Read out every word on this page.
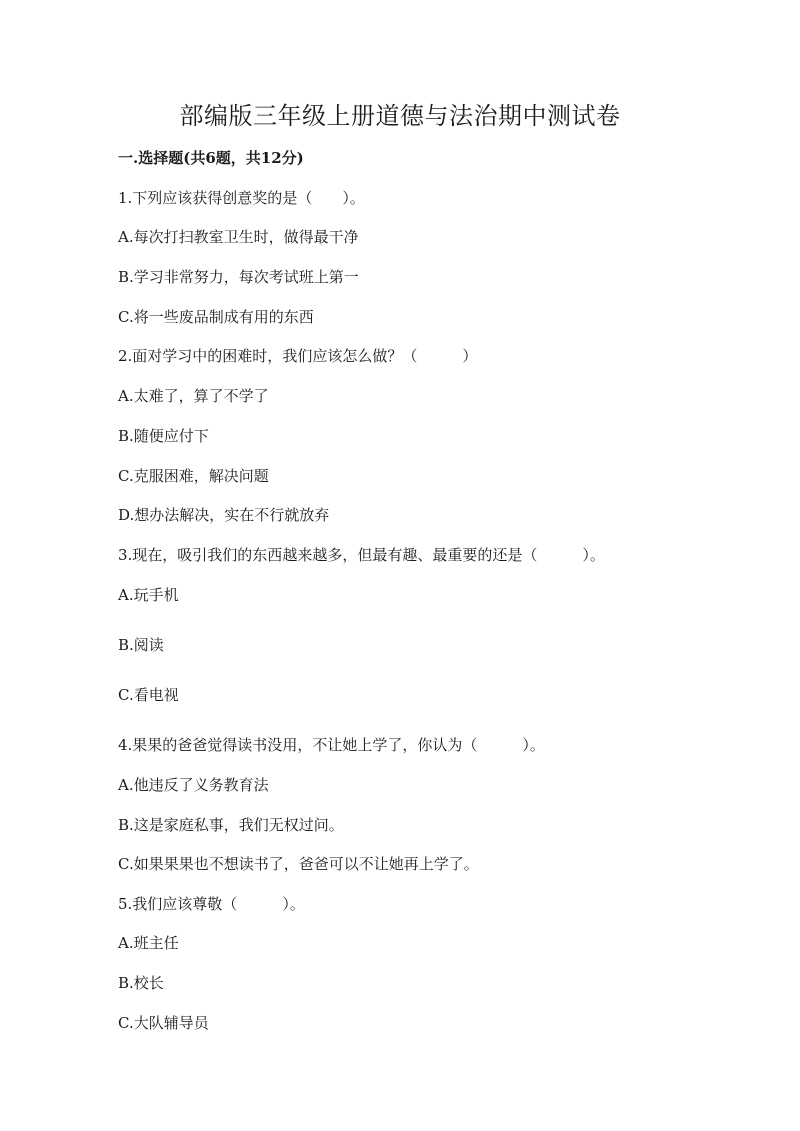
部编版三年级上册道德与法治期中测试卷

一.选择题(共6题，共12分)

1.下列应该获得创意奖的是（　　）。

A.每次打扫教室卫生时，做得最干净

B.学习非常努力，每次考试班上第一

C.将一些废品制成有用的东西

2.面对学习中的困难时，我们应该怎么做？（　　　）

A.太难了，算了不学了

B.随便应付下

C.克服困难，解决问题

D.想办法解决，实在不行就放弃

3.现在，吸引我们的东西越来越多，但最有趣、最重要的还是（　　　）。

A.玩手机

B.阅读

C.看电视

4.果果的爸爸觉得读书没用，不让她上学了，你认为（　　　）。

A.他违反了义务教育法

B.这是家庭私事，我们无权过问。

C.如果果果也不想读书了，爸爸可以不让她再上学了。

5.我们应该尊敬（　　　）。

A.班主任

B.校长

C.大队辅导员
